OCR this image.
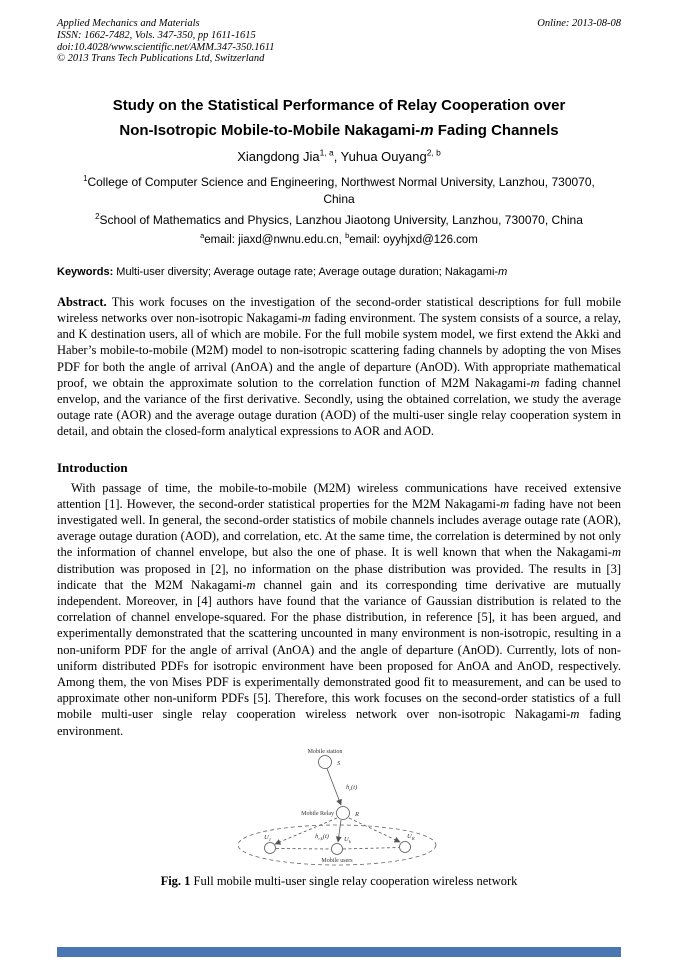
Applied Mechanics and Materials
ISSN: 1662-7482, Vols. 347-350, pp 1611-1615
doi:10.4028/www.scientific.net/AMM.347-350.1611
© 2013 Trans Tech Publications Ltd, Switzerland
Online: 2013-08-08
Study on the Statistical Performance of Relay Cooperation over
Non-Isotropic Mobile-to-Mobile Nakagami-m Fading Channels
Xiangdong Jia$^{1, a}$, Yuhua Ouyang$^{2, b}$
$^1$College of Computer Science and Engineering, Northwest Normal University, Lanzhou, 730070, China
$^2$School of Mathematics and Physics, Lanzhou Jiaotong University, Lanzhou, 730070, China
$^a$email: jiaxd@nwnu.edu.cn, $^b$email: oyyhjxd@126.com
Keywords: Multi-user diversity; Average outage rate; Average outage duration; Nakagami-m

Abstract. This work focuses on the investigation of the second-order statistical descriptions for full mobile wireless networks over non-isotropic Nakagami-m fading environment. The system consists of a source, a relay, and K destination users, all of which are mobile. For the full mobile system model, we first extend the Akki and Haber’s mobile-to-mobile (M2M) model to non-isotropic scattering fading channels by adopting the von Mises PDF for both the angle of arrival (AnOA) and the angle of departure (AnOD). With appropriate mathematical proof, we obtain the approximate solution to the correlation function of M2M Nakagami-m fading channel envelop, and the variance of the first derivative. Secondly, using the obtained correlation, we study the average outage rate (AOR) and the average outage duration (AOD) of the multi-user single relay cooperation system in detail, and obtain the closed-form analytical expressions to AOR and AOD.

Introduction

With passage of time, the mobile-to-mobile (M2M) wireless communications have received extensive attention [1]. However, the second-order statistical properties for the M2M Nakagami-m fading have not been investigated well. In general, the second-order statistics of mobile channels includes average outage rate (AOR), average outage duration (AOD), and correlation, etc. At the same time, the correlation is determined by not only the information of channel envelope, but also the one of phase. It is well known that when the Nakagami-m distribution was proposed in [2], no information on the phase distribution was provided. The results in [3] indicate that the M2M Nakagami-m channel gain and its corresponding time derivative are mutually independent. Moreover, in [4] authors have found that the variance of Gaussian distribution is related to the correlation of channel envelope-squared. For the phase distribution, in reference [5], it has been argued, and experimentally demonstrated that the scattering uncounted in many environment is non-isotropic, resulting in a non-uniform PDF for the angle of arrival (AnOA) and the angle of departure (AnOD). Currently, lots of non-uniform distributed PDFs for isotropic environment have been proposed for AnOA and AnOD, respectively. Among them, the von Mises PDF is experimentally demonstrated good fit to measurement, and can be used to approximate other non-uniform PDFs [5]. Therefore, this work focuses on the second-order statistics of a full mobile multi-user single relay cooperation wireless network over non-isotropic Nakagami-m fading environment.

Mobile station
S
$h_r(t)$
Mobile Relay	R
$h_{r,k}(t)$
$U_1$	$U_k$
$U_K$
Mobile users
Fig. 1 Full mobile multi-user single relay cooperation wireless network
